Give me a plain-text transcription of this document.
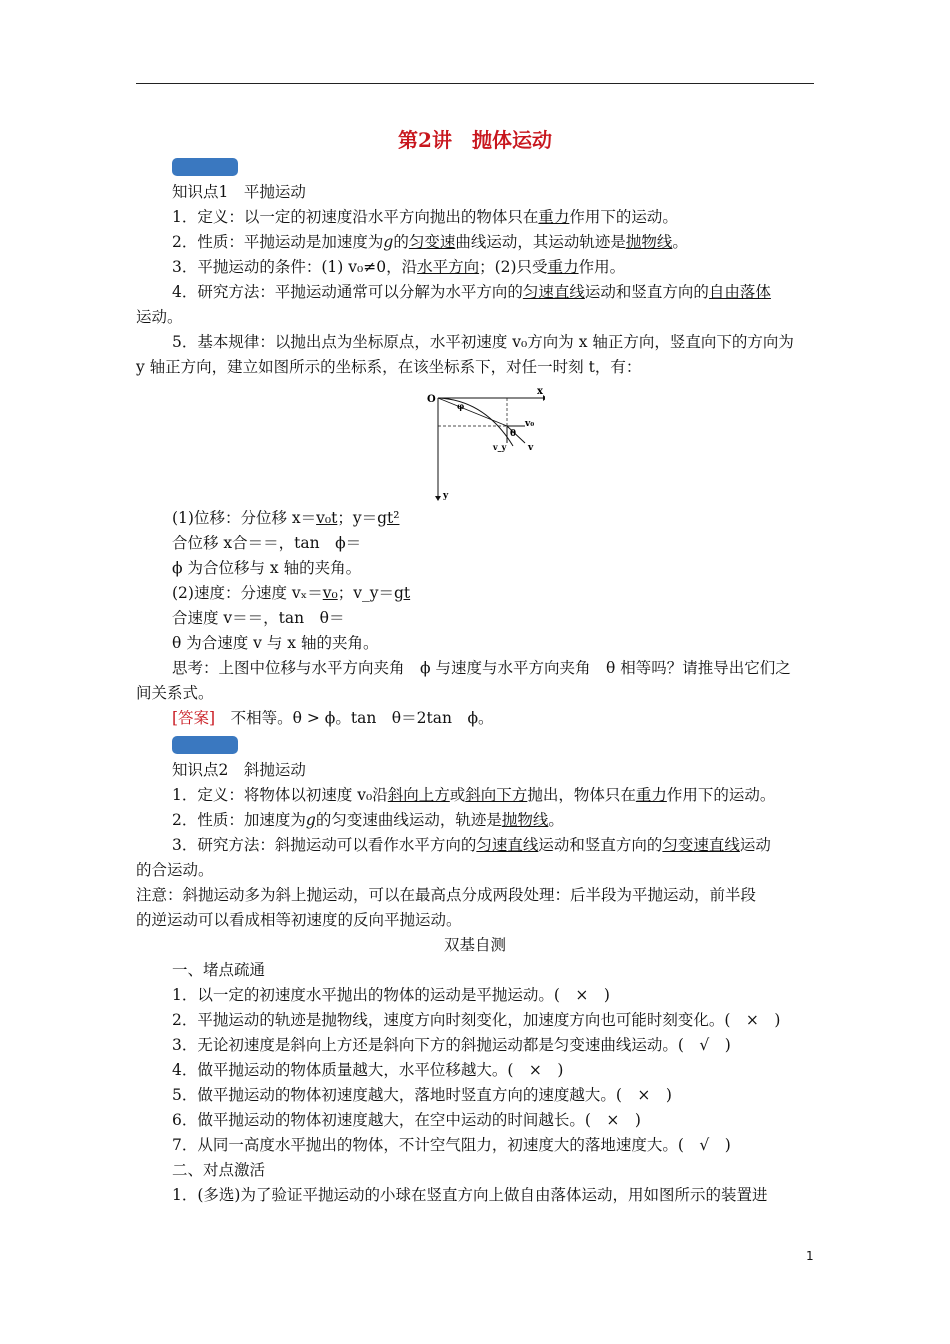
第2讲　抛体运动
知识点1　平抛运动
1．定义：以一定的初速度沿水平方向抛出的物体只在重力作用下的运动。
2．性质：平抛运动是加速度为g的匀变速曲线运动，其运动轨迹是抛物线。
3．平抛运动的条件：(1) v₀≠0，沿水平方向；(2)只受重力作用。
4．研究方法：平抛运动通常可以分解为水平方向的匀速直线运动和竖直方向的自由落体
运动。
5．基本规律：以抛出点为坐标原点，水平初速度 v₀方向为 x 轴正方向，竖直向下的方向为
y 轴正方向，建立如图所示的坐标系，在该坐标系下，对任一时刻 t，有：
O
x
y
v₀
v_y v
θ
φ
(1)位移：分位移 x＝v₀t；y＝gt²
合位移 x合＝＝，tan　ϕ＝
ϕ 为合位移与 x 轴的夹角。
(2)速度：分速度 vₓ＝v₀；v_y＝gt
合速度 v＝＝，tan　θ＝
θ 为合速度 v 与 x 轴的夹角。
思考：上图中位移与水平方向夹角　ϕ 与速度与水平方向夹角　θ 相等吗？请推导出它们之
间关系式。
[答案]　不相等。θ > ϕ。tan　θ＝2tan　ϕ。
知识点2　斜抛运动
1．定义：将物体以初速度 v₀沿斜向上方或斜向下方抛出，物体只在重力作用下的运动。
2．性质：加速度为g的匀变速曲线运动，轨迹是抛物线。
3．研究方法：斜抛运动可以看作水平方向的匀速直线运动和竖直方向的匀变速直线运动
的合运动。
注意：斜抛运动多为斜上抛运动，可以在最高点分成两段处理：后半段为平抛运动，前半段
的逆运动可以看成相等初速度的反向平抛运动。
双基自测
一、堵点疏通
1．以一定的初速度水平抛出的物体的运动是平抛运动。(　×　)
2．平抛运动的轨迹是抛物线，速度方向时刻变化，加速度方向也可能时刻变化。(　×　)
3．无论初速度是斜向上方还是斜向下方的斜抛运动都是匀变速曲线运动。(　√　)
4．做平抛运动的物体质量越大，水平位移越大。(　×　)
5．做平抛运动的物体初速度越大，落地时竖直方向的速度越大。(　×　)
6．做平抛运动的物体初速度越大，在空中运动的时间越长。(　×　)
7．从同一高度水平抛出的物体，不计空气阻力，初速度大的落地速度大。(　√　)
二、对点激活
1．(多选)为了验证平抛运动的小球在竖直方向上做自由落体运动，用如图所示的装置进
1
